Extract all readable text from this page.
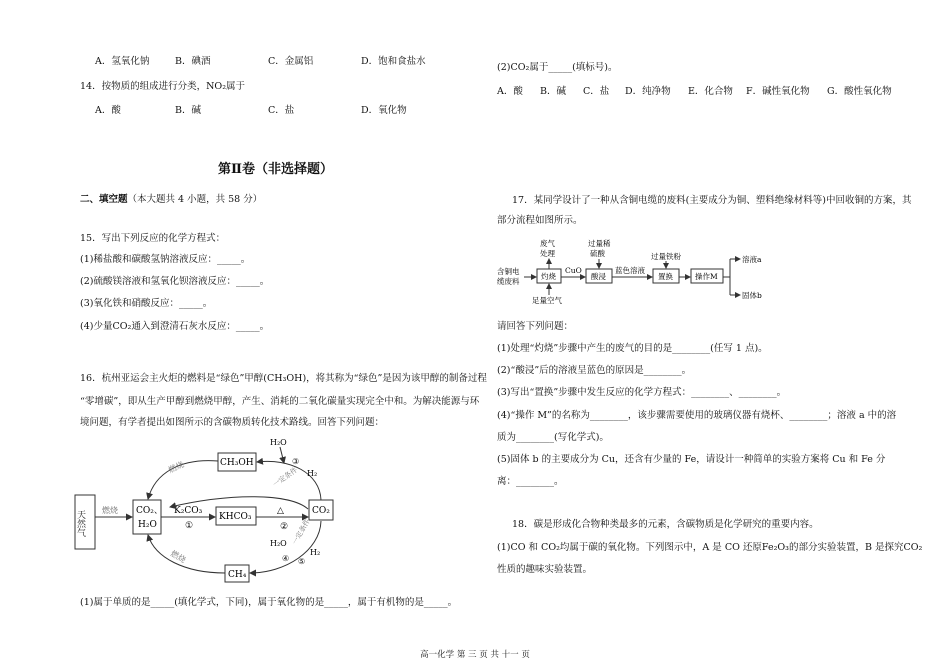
A．氢氧化钠	B．碘酒	C．金属铝	D．饱和食盐水
14．按物质的组成进行分类，NO₂属于
A．酸	B．碱	C．盐	D．氧化物
第Ⅱ卷（非选择题）
二、填空题（本大题共 4 小题，共 58 分）
15．写出下列反应的化学方程式：
(1)稀盐酸和碳酸氢钠溶液反应：_____。
(2)硫酸镁溶液和氢氧化钡溶液反应：_____。
(3)氧化铁和硝酸反应：_____。
(4)少量CO₂通入到澄清石灰水反应：_____。
16．杭州亚运会主火炬的燃料是“绿色”甲醇(CH₃OH)，将其称为“绿色”是因为该甲醇的制备过程
“零增碳”，即从生产甲醇到燃烧甲醇，产生、消耗的二氧化碳量实现完全中和。为解决能源与环
境问题，有学者提出如图所示的含碳物质转化技术路线。回答下列问题：
天然气	CO₂、
H₂O
CH₃OH
KHCO₃
CO₂
CH₄
燃烧	K₂CO₃
①
△
②
燃烧
H₂O
③
H₂
一定条件
H₂O
④
H₂
⑤
一定条件
燃烧
(1)属于单质的是_____(填化学式，下同)，属于氧化物的是_____，属于有机物的是_____。
(2)CO₂属于_____(填标号)。
A．酸 B．碱 C．盐 D．纯净物 E．化合物 F．碱性氧化物 G．酸性氧化物
17．某同学设计了一种从含铜电缆的废料(主要成分为铜、塑料绝缘材料等)中回收铜的方案，其
部分流程如图所示。
含铜电
缆废料
灼烧
废气
处理
足量空气
CuO
酸浸
过量稀
硫酸
蓝色溶液
置换
过量铁粉
操作M
溶液a
固体b
请回答下列问题：
(1)处理“灼烧”步骤中产生的废气的目的是________(任写 1 点)。
(2)“酸浸”后的溶液呈蓝色的原因是________。
(3)写出“置换”步骤中发生反应的化学方程式：________、________。
(4)“操作 M”的名称为________，该步骤需要使用的玻璃仪器有烧杯、________；溶液 a 中的溶
质为________(写化学式)。
(5)固体 b 的主要成分为 Cu，还含有少量的 Fe，请设计一种简单的实验方案将 Cu 和 Fe 分
离：________。
18．碳是形成化合物种类最多的元素，含碳物质是化学研究的重要内容。
(1)CO 和 CO₂均属于碳的氧化物。下列图示中，A 是 CO 还原Fe₂O₃的部分实验装置，B 是探究CO₂
性质的趣味实验装置。
高一化学 第 三 页 共 十一 页
